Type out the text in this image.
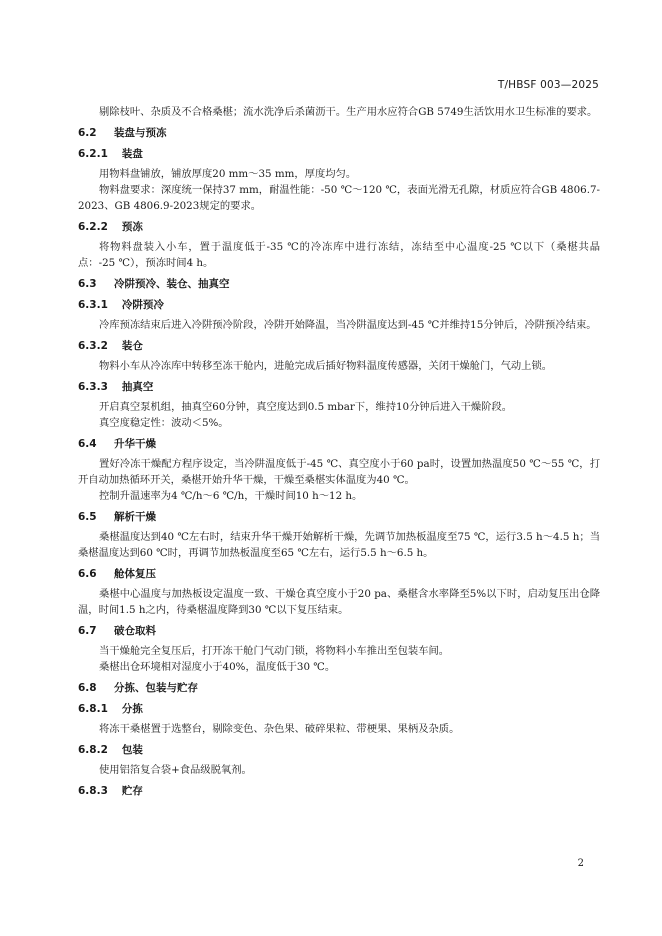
T/HBSF 003—2025

剔除枝叶、杂质及不合格桑椹；流水洗净后杀菌沥干。生产用水应符合GB 5749生活饮用水卫生标准的要求。

6.2	装盘与预冻
6.2.1 装盘

用物料盘铺放，铺放厚度20 mm～35 mm，厚度均匀。

物料盘要求：深度统一保持37 mm，耐温性能：-50 ℃～120 ℃，表面光滑无孔隙，材质应符合GB 4806.7-2023、GB 4806.9-2023规定的要求。

6.2.2 预冻

将物料盘装入小车，置于温度低于-35 ℃的冷冻库中进行冻结，冻结至中心温度-25 ℃以下（桑椹共晶点：-25 ℃），预冻时间4 h。

6.3	冷阱预冷、装仓、抽真空
6.3.1 冷阱预冷

冷库预冻结束后进入冷阱预冷阶段，冷阱开始降温，当冷阱温度达到-45 ℃并维持15分钟后，冷阱预冷结束。

6.3.2 装仓

物料小车从冷冻库中转移至冻干舱内，进舱完成后插好物料温度传感器，关闭干燥舱门，气动上锁。

6.3.3 抽真空

开启真空泵机组，抽真空60分钟，真空度达到0.5 mbar下，维持10分钟后进入干燥阶段。

真空度稳定性：波动＜5%。

6.4	升华干燥

置好冷冻干燥配方程序设定，当冷阱温度低于-45 ℃、真空度小于60 pa时，设置加热温度50 ℃～55 ℃，打开自动加热循环开关，桑椹开始升华干燥，干燥至桑椹实体温度为40 ℃。

控制升温速率为4 ℃/h～6 ℃/h，干燥时间10 h～12 h。

6.5	解析干燥

桑椹温度达到40 ℃左右时，结束升华干燥开始解析干燥，先调节加热板温度至75 ℃，运行3.5 h～4.5 h；当桑椹温度达到60 ℃时，再调节加热板温度至65 ℃左右，运行5.5 h～6.5 h。

6.6	舱体复压

桑椹中心温度与加热板设定温度一致、干燥仓真空度小于20 pa、桑椹含水率降至5%以下时，启动复压出仓降温，时间1.5 h之内，待桑椹温度降到30 ℃以下复压结束。

6.7	破仓取料

当干燥舱完全复压后，打开冻干舱门气动门锁，将物料小车推出至包装车间。

桑椹出仓环境相对湿度小于40%，温度低于30 ℃。

6.8	分拣、包装与贮存
6.8.1 分拣

将冻干桑椹置于选整台，剔除变色、杂色果、破碎果粒、带梗果、果柄及杂质。

6.8.2 包装

使用铝箔复合袋+食品级脱氧剂。

6.8.3 贮存
2
